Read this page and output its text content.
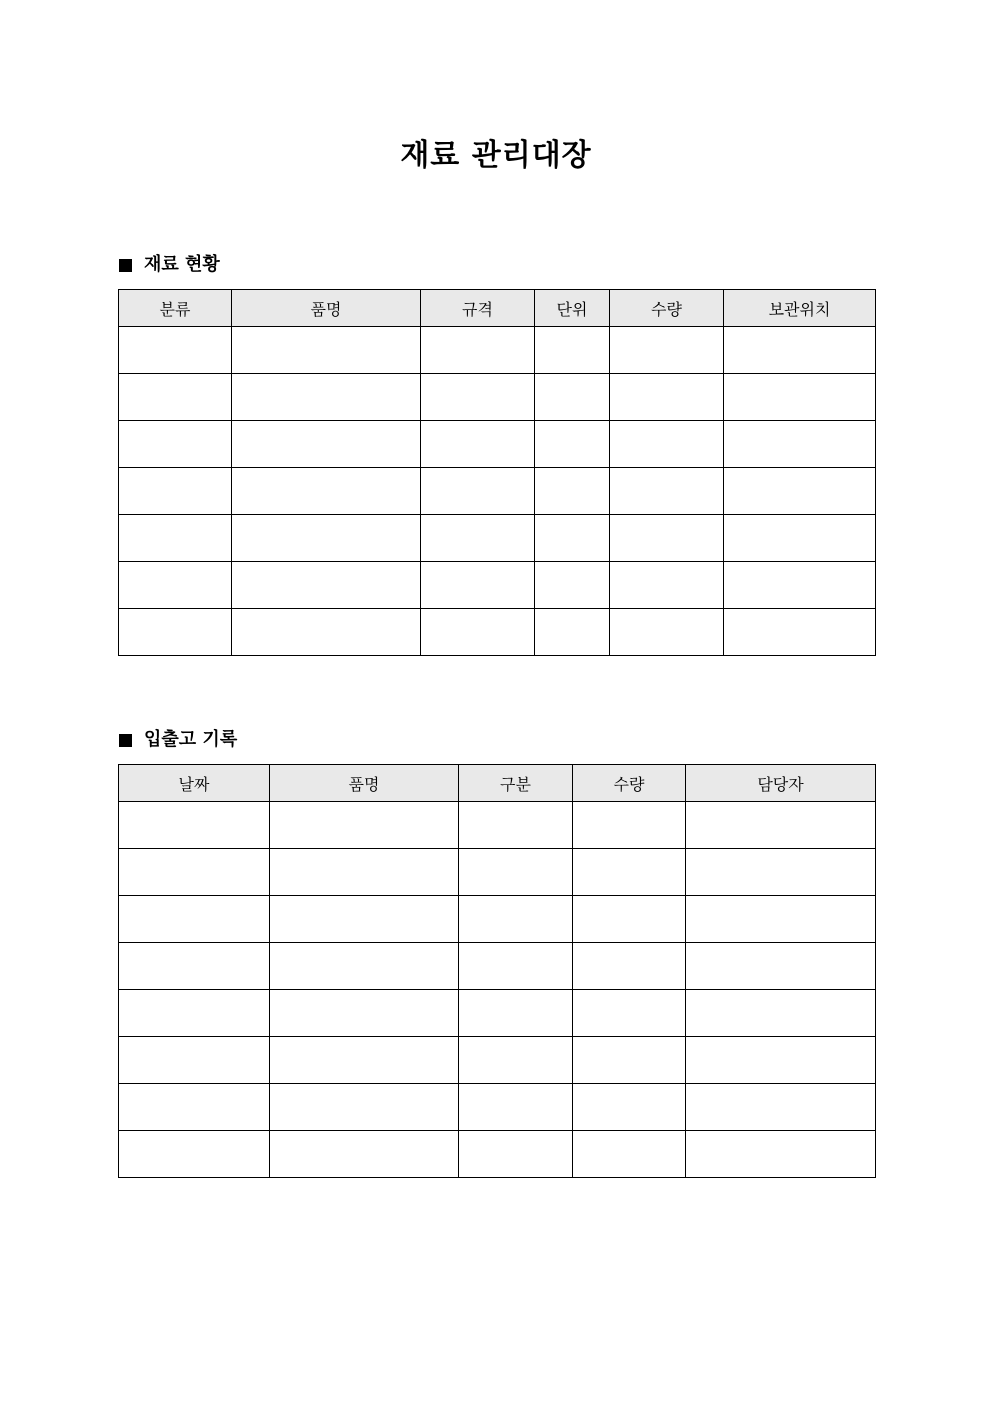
재료 관리대장
재료 현황
분류	품명	규격	단위	수량	보관위치

입출고 기록
날짜	품명	구분	수량	담당자
